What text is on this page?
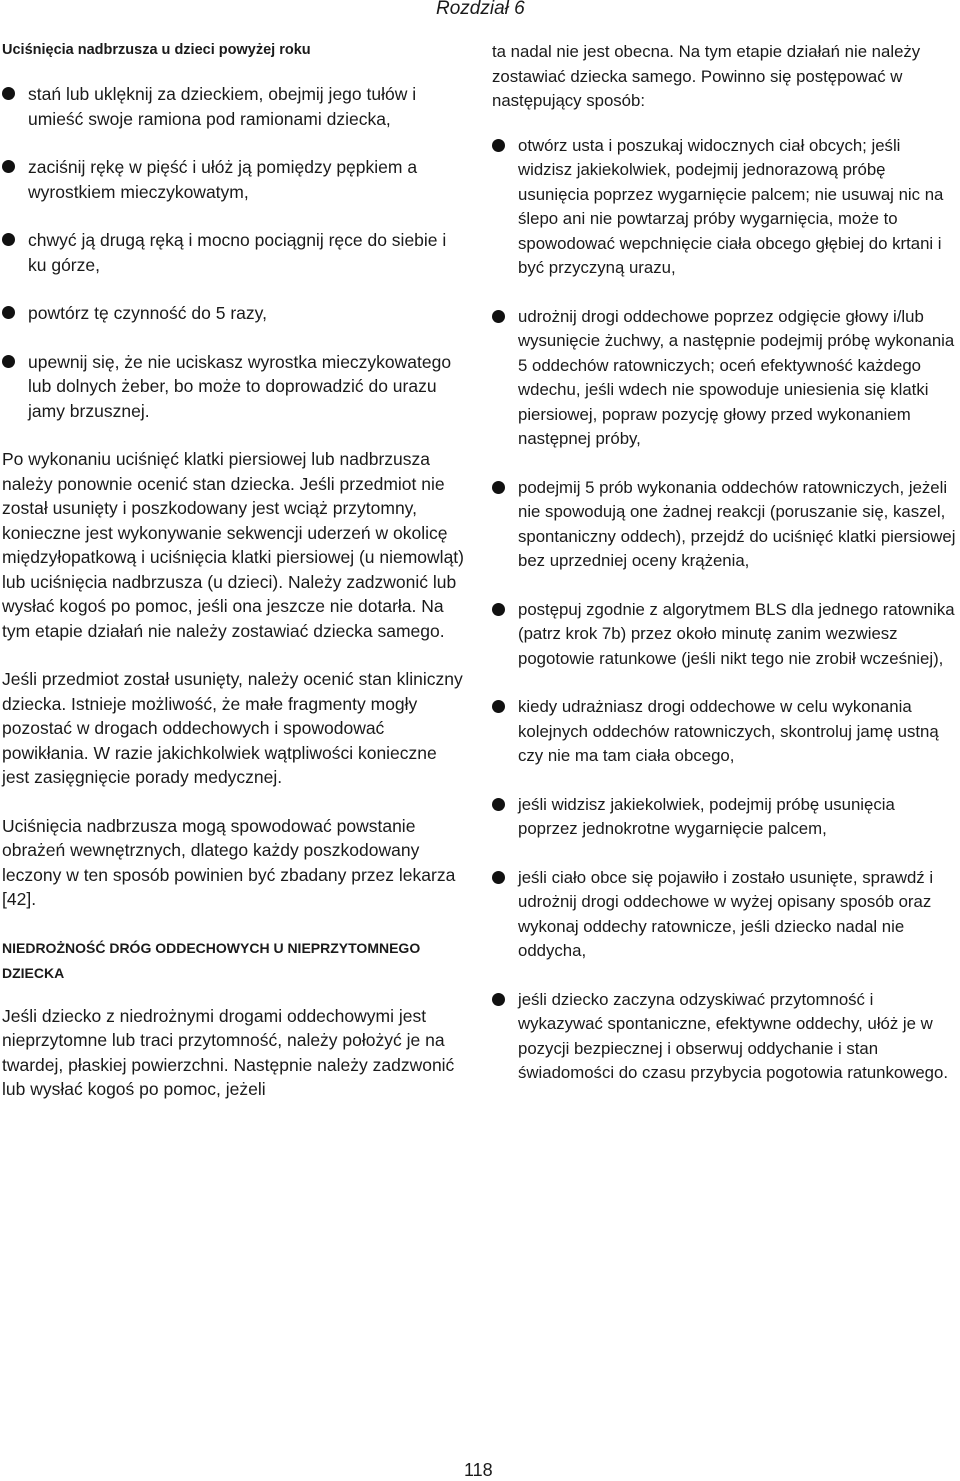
Rozdział 6
Uciśnięcia nadbrzusza u dzieci powyżej roku
stań lub uklęknij za dzieckiem, obejmij jego tułów i umieść swoje ramiona pod ramionami dziecka,
zaciśnij rękę w pięść i ułóż ją pomiędzy pępkiem a wyrostkiem mieczykowatym,
chwyć ją drugą ręką i mocno pociągnij ręce do siebie i ku górze,
powtórz tę czynność do 5 razy,
upewnij się, że nie uciskasz wyrostka mieczykowatego lub dolnych żeber, bo może to doprowadzić do urazu jamy brzusznej.

Po wykonaniu uciśnięć klatki piersiowej lub nadbrzusza należy ponownie ocenić stan dziecka. Jeśli przedmiot nie został usunięty i poszkodowany jest wciąż przytomny, konieczne jest wykonywanie sekwencji uderzeń w okolicę międzyłopatkową i uciśnięcia klatki piersiowej (u niemowląt) lub uciśnięcia nadbrzusza (u dzieci). Należy zadzwonić lub wysłać kogoś po pomoc, jeśli ona jeszcze nie dotarła. Na tym etapie działań nie należy zostawiać dziecka samego.

Jeśli przedmiot został usunięty, należy ocenić stan kliniczny dziecka. Istnieje możliwość, że małe fragmenty mogły pozostać w drogach oddechowych i spowodować powikłania. W razie jakichkolwiek wątpliwości konieczne jest zasięgnięcie porady medycznej.

Uciśnięcia nadbrzusza mogą spowodować powstanie obrażeń wewnętrznych, dlatego każdy poszkodowany leczony w ten sposób powinien być zbadany przez lekarza [42].

NIEDROŻNOŚĆ DRÓG ODDECHOWYCH U NIEPRZYTOMNEGO DZIECKA

Jeśli dziecko z niedrożnymi drogami oddechowymi jest nieprzytomne lub traci przytomność, należy położyć je na twardej, płaskiej powierzchni. Następnie należy zadzwonić lub wysłać kogoś po pomoc, jeżeli

ta nadal nie jest obecna. Na tym etapie działań nie należy zostawiać dziecka samego. Powinno się postępować w następujący sposób:

otwórz usta i poszukaj widocznych ciał obcych; jeśli widzisz jakiekolwiek, podejmij jednorazową próbę usunięcia poprzez wygarnięcie palcem; nie usuwaj nic na ślepo ani nie powtarzaj próby wygarnięcia, może to spowodować wepchnięcie ciała obcego głębiej do krtani i być przyczyną urazu,
udrożnij drogi oddechowe poprzez odgięcie głowy i/lub wysunięcie żuchwy, a następnie podejmij próbę wykonania 5 oddechów ratowniczych; oceń efektywność każdego wdechu, jeśli wdech nie spowoduje uniesienia się klatki piersiowej, popraw pozycję głowy przed wykonaniem następnej próby,
podejmij 5 prób wykonania oddechów ratowniczych, jeżeli nie spowodują one żadnej reakcji (poruszanie się, kaszel, spontaniczny oddech), przejdź do uciśnięć klatki piersiowej bez uprzedniej oceny krążenia,
postępuj zgodnie z algorytmem BLS dla jednego ratownika (patrz krok 7b) przez około minutę zanim wezwiesz pogotowie ratunkowe (jeśli nikt tego nie zrobił wcześniej),
kiedy udrażniasz drogi oddechowe w celu wykonania kolejnych oddechów ratowniczych, skontroluj jamę ustną czy nie ma tam ciała obcego,
jeśli widzisz jakiekolwiek, podejmij próbę usunięcia poprzez jednokrotne wygarnięcie palcem,
jeśli ciało obce się pojawiło i zostało usunięte, sprawdź i udrożnij drogi oddechowe w wyżej opisany sposób oraz wykonaj oddechy ratownicze, jeśli dziecko nadal nie oddycha,
jeśli dziecko zaczyna odzyskiwać przytomność i wykazywać spontaniczne, efektywne oddechy, ułóż je w pozycji bezpiecznej i obserwuj oddychanie i stan świadomości do czasu przybycia pogotowia ratunkowego.
118
